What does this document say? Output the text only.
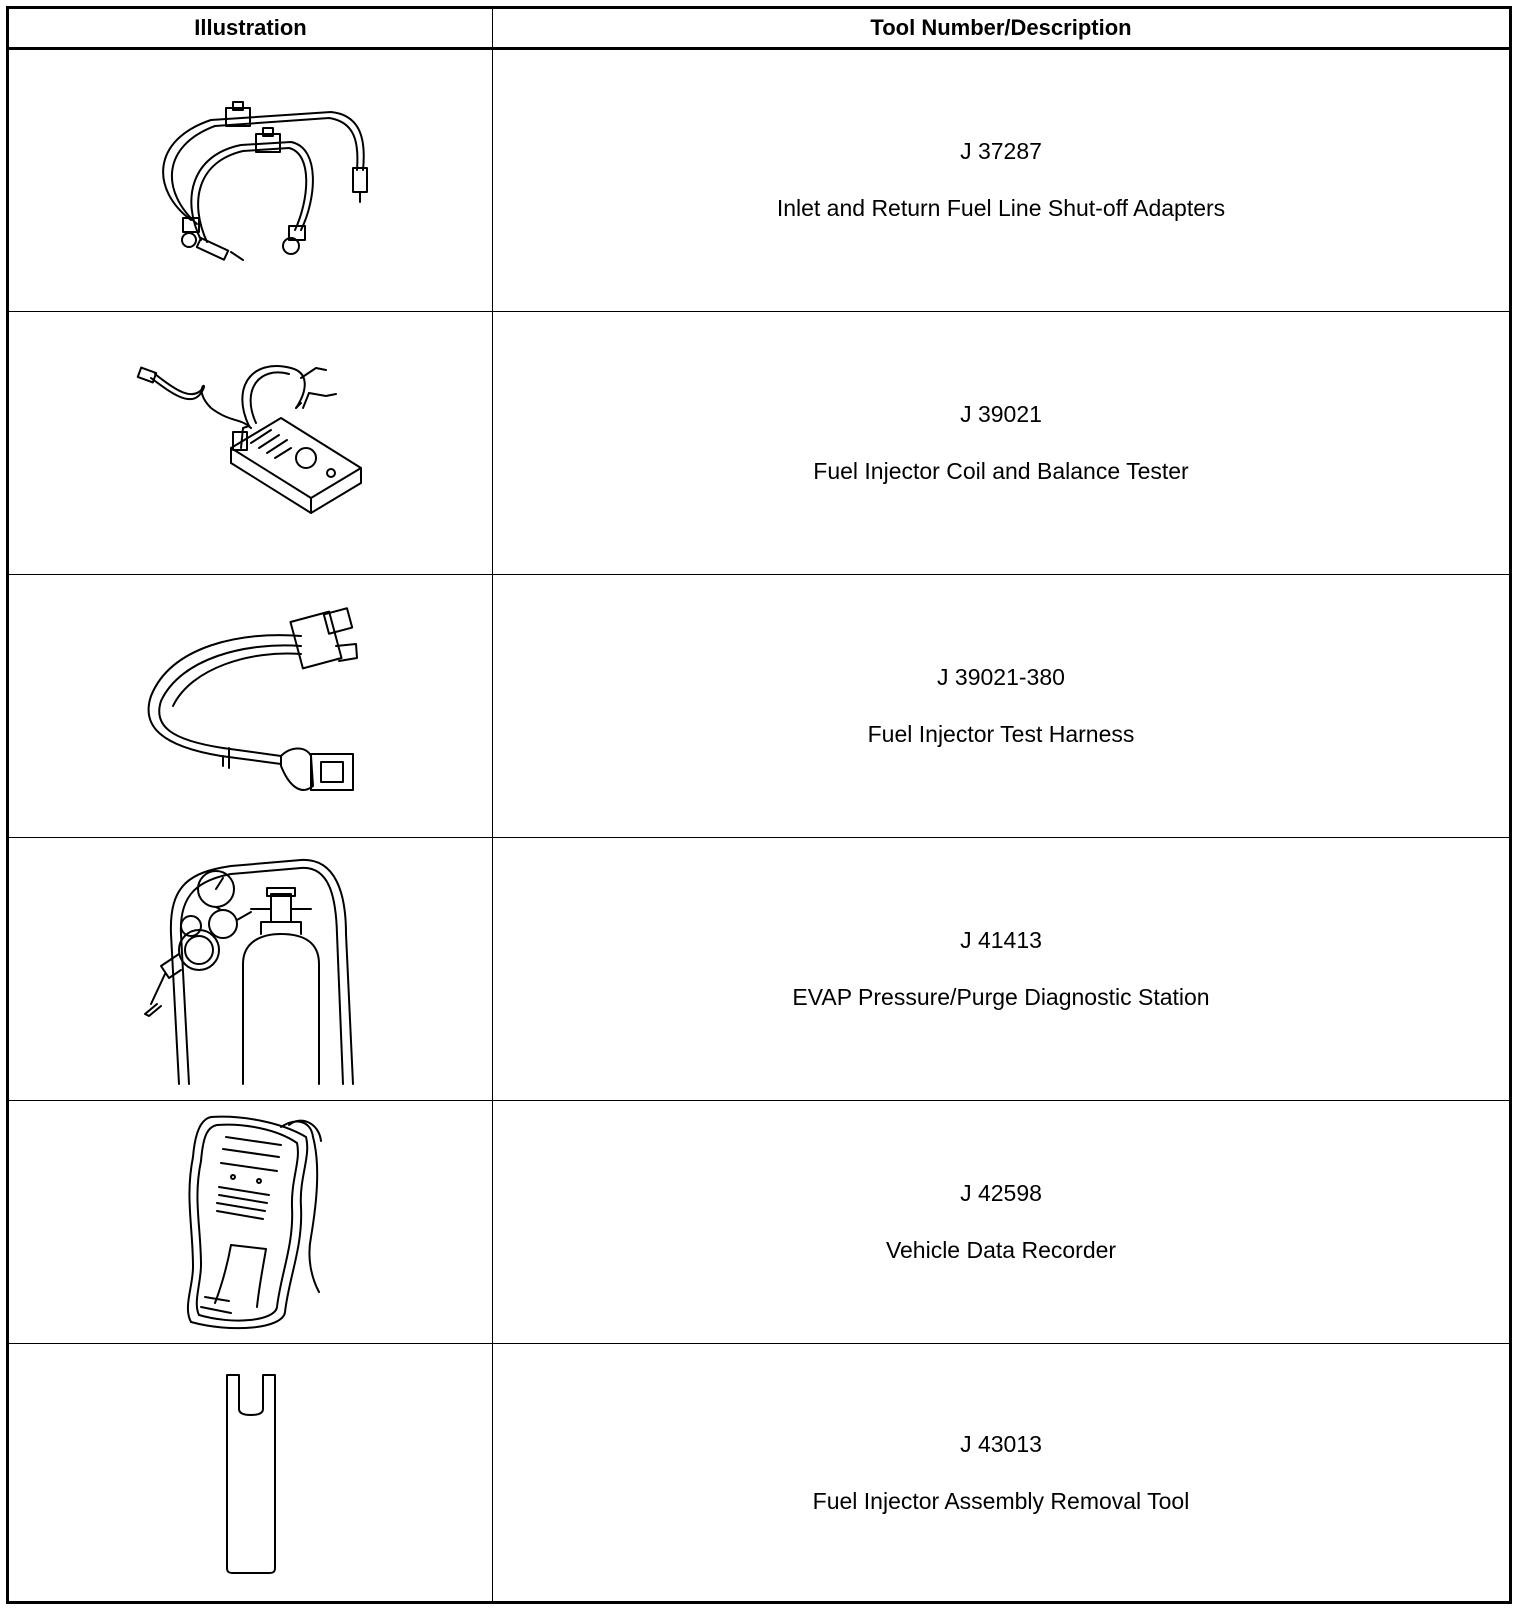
Illustration	Tool Number/Description
J 37287
Inlet and Return Fuel Line Shut-off Adapters
J 39021
Fuel Injector Coil and Balance Tester
J 39021-380
Fuel Injector Test Harness
J 41413
EVAP Pressure/Purge Diagnostic Station
J 42598
Vehicle Data Recorder
J 43013
Fuel Injector Assembly Removal Tool
